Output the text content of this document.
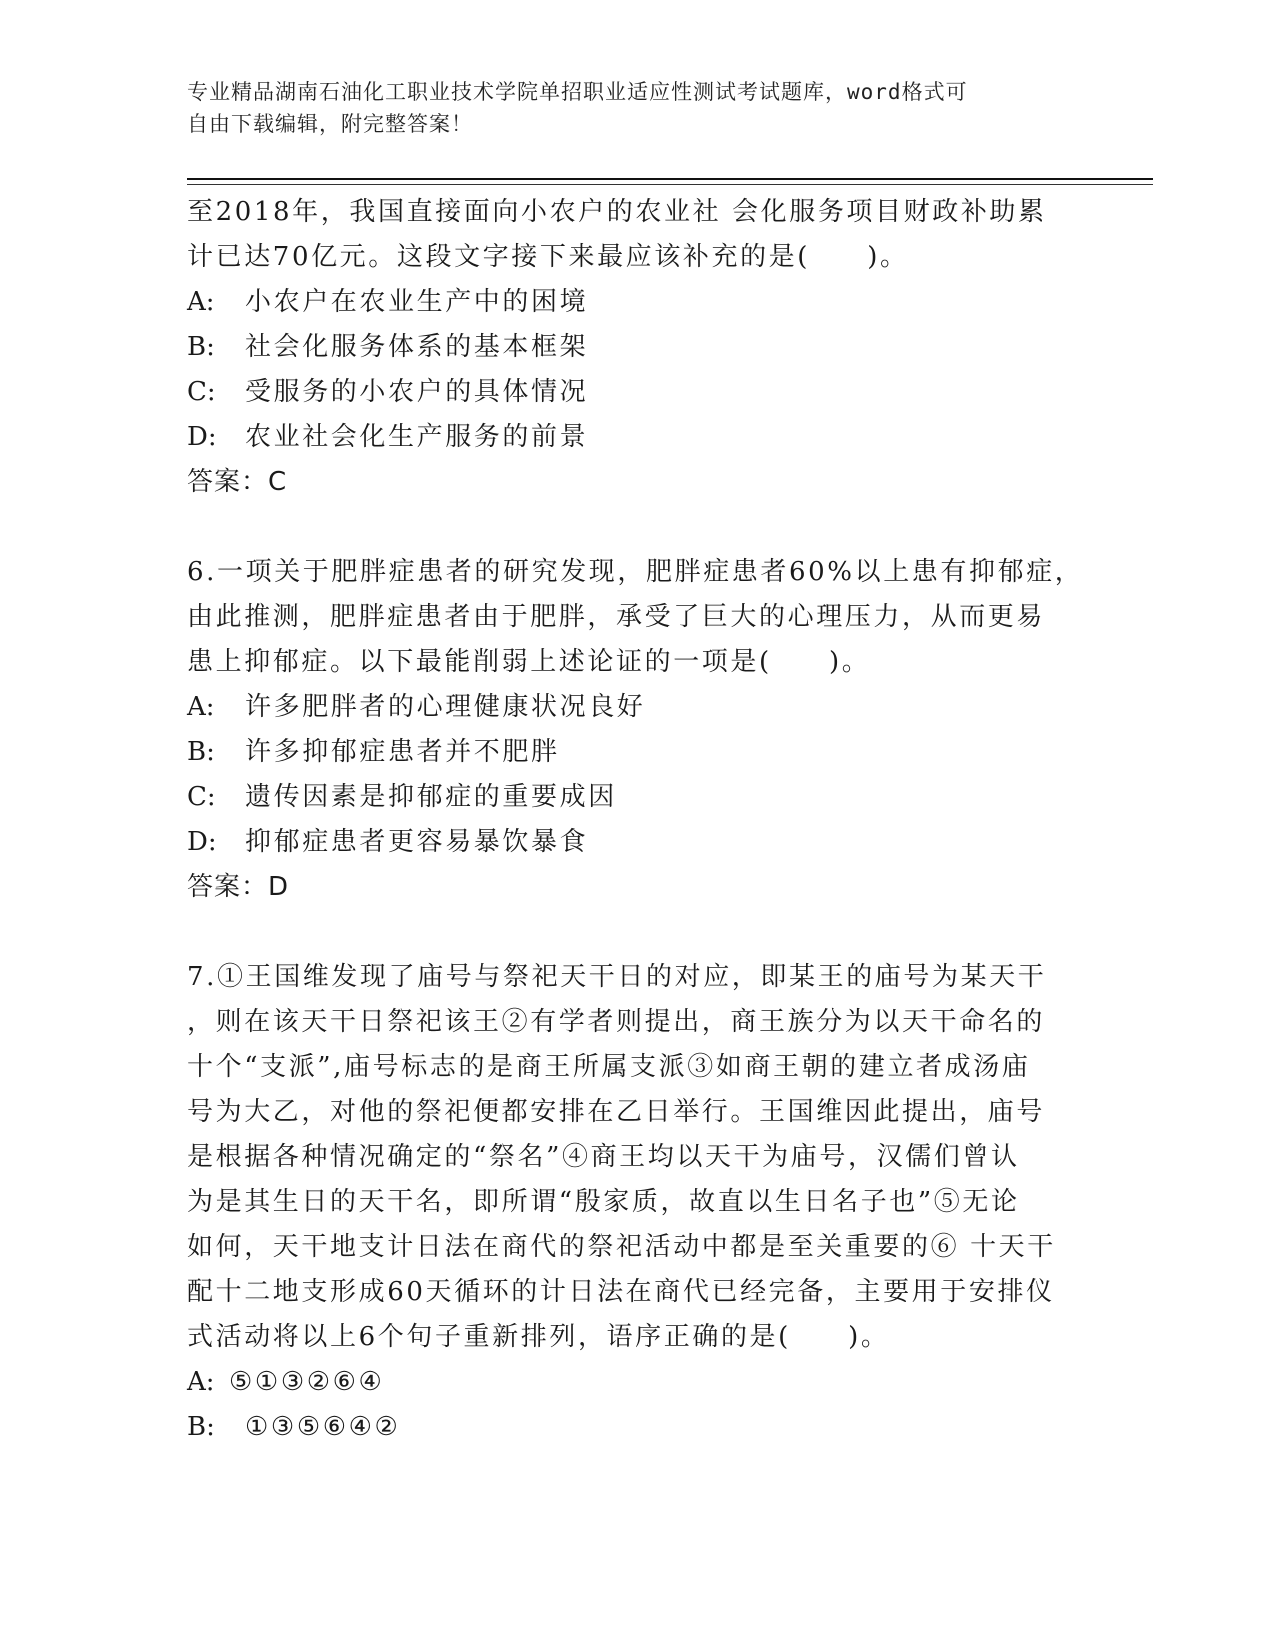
专业精品湖南石油化工职业技术学院单招职业适应性测试考试题库，word格式可
自由下载编辑，附完整答案！
至2018年，我国直接面向小农户的农业社 会化服务项目财政补助累
计已达70亿元。这段文字接下来最应该补充的是(　　)。
A:	小农户在农业生产中的困境
B:	社会化服务体系的基本框架
C:	受服务的小农户的具体情况
D:	农业社会化生产服务的前景
答案：C
6.一项关于肥胖症患者的研究发现，肥胖症患者60%以上患有抑郁症，
由此推测，肥胖症患者由于肥胖，承受了巨大的心理压力，从而更易
患上抑郁症。以下最能削弱上述论证的一项是(　　)。
A:	许多肥胖者的心理健康状况良好
B:	许多抑郁症患者并不肥胖
C:	遗传因素是抑郁症的重要成因
D:	抑郁症患者更容易暴饮暴食
答案：D
7.①王国维发现了庙号与祭祀天干日的对应，即某王的庙号为某天干
，则在该天干日祭祀该王②有学者则提出，商王族分为以天干命名的
十个“支派”,庙号标志的是商王所属支派③如商王朝的建立者成汤庙
号为大乙，对他的祭祀便都安排在乙日举行。王国维因此提出，庙号
是根据各种情况确定的“祭名”④商王均以天干为庙号，汉儒们曾认
为是其生日的天干名，即所谓“殷家质，故直以生日名子也”⑤无论
如何，天干地支计日法在商代的祭祀活动中都是至关重要的⑥ 十天干
配十二地支形成60天循环的计日法在商代已经完备，主要用于安排仪
式活动将以上6个句子重新排列，语序正确的是(　　)。
A: ⑤①③②⑥④
B:	①③⑤⑥④②
